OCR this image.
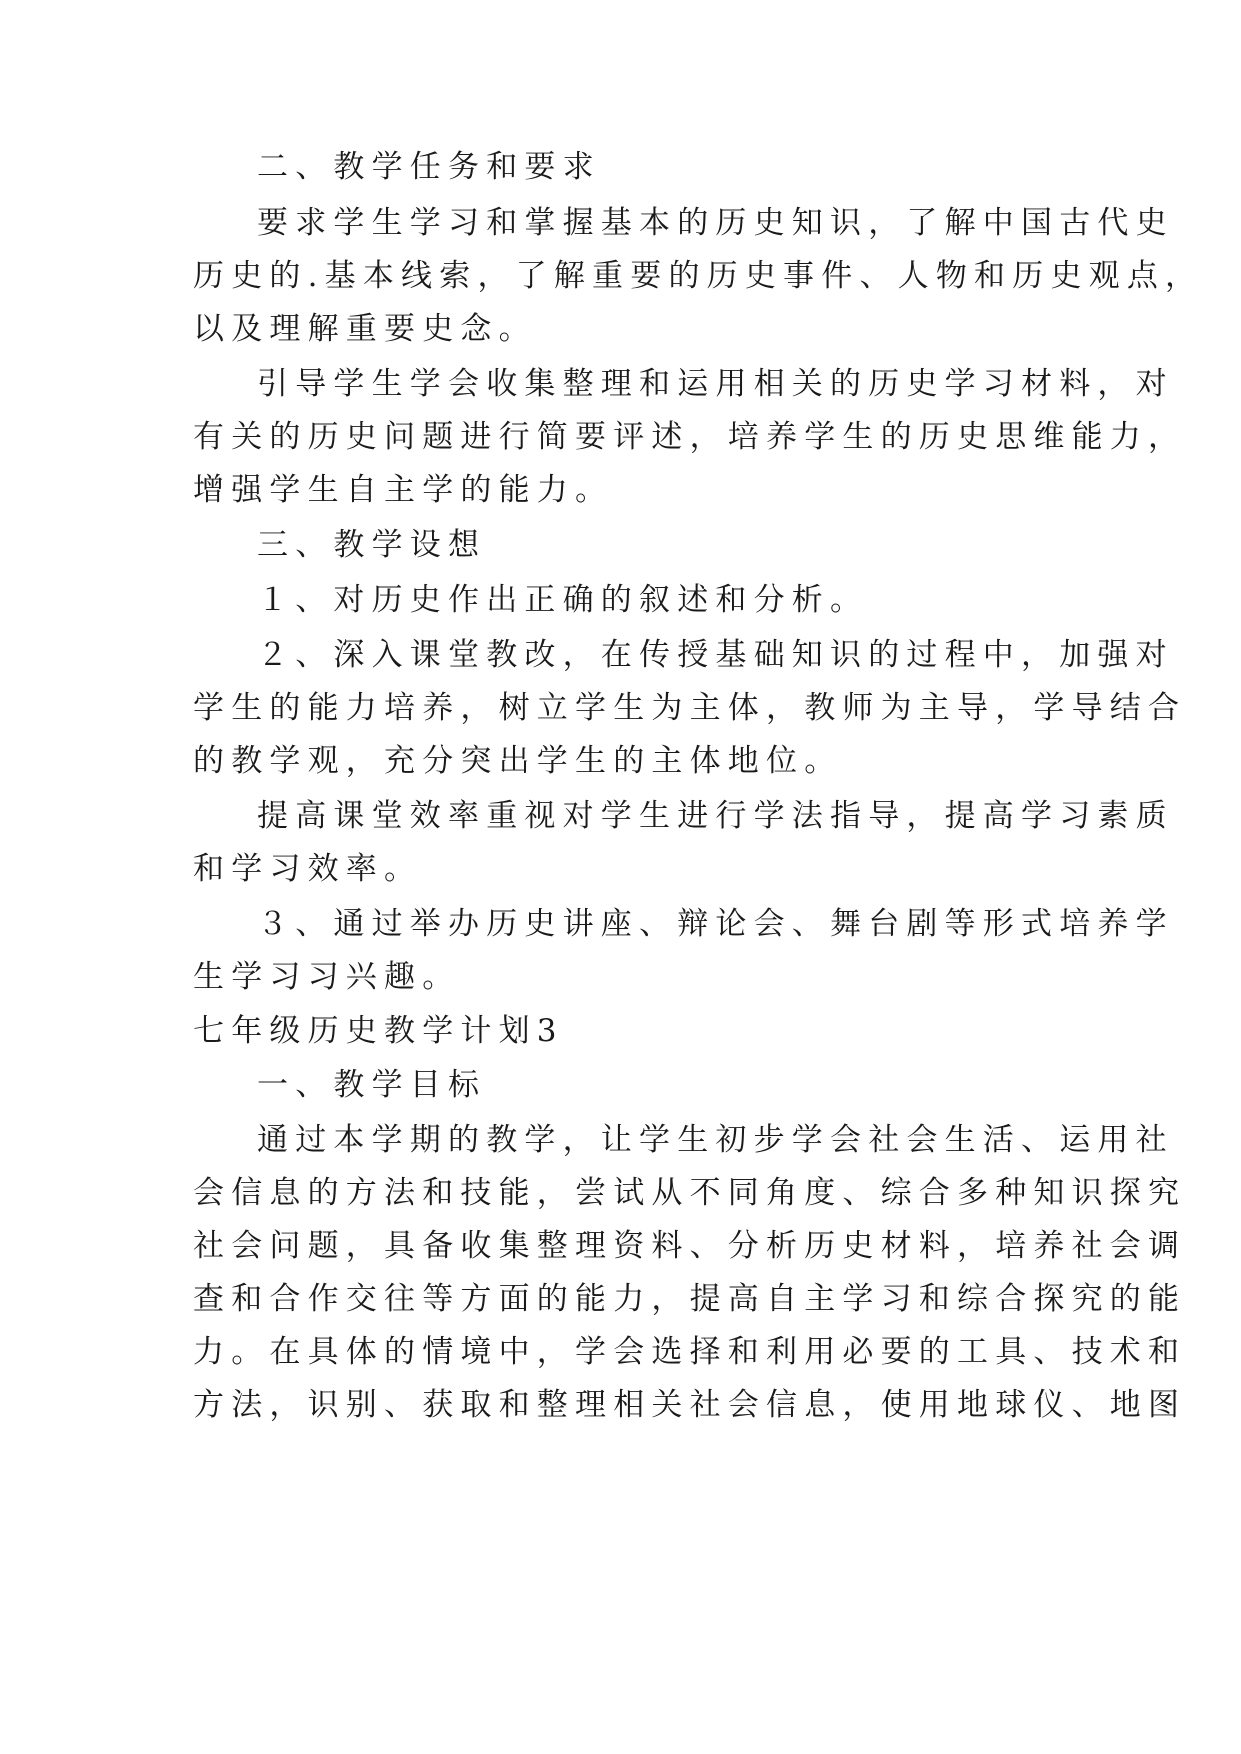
二、教学任务和要求
要求学生学习和掌握基本的历史知识，了解中国古代史
历史的.基本线索，了解重要的历史事件、人物和历史观点，
以及理解重要史念。
引导学生学会收集整理和运用相关的历史学习材料，对
有关的历史问题进行简要评述，培养学生的历史思维能力，
增强学生自主学的能力。
三、教学设想
１、对历史作出正确的叙述和分析。
２、深入课堂教改，在传授基础知识的过程中，加强对
学生的能力培养，树立学生为主体，教师为主导，学导结合
的教学观，充分突出学生的主体地位。
提高课堂效率重视对学生进行学法指导，提高学习素质
和学习效率。
３、通过举办历史讲座、辩论会、舞台剧等形式培养学
生学习习兴趣。
七年级历史教学计划3
一、教学目标
通过本学期的教学，让学生初步学会社会生活、运用社
会信息的方法和技能，尝试从不同角度、综合多种知识探究
社会问题，具备收集整理资料、分析历史材料，培养社会调
查和合作交往等方面的能力，提高自主学习和综合探究的能
力。在具体的情境中，学会选择和利用必要的工具、技术和
方法，识别、获取和整理相关社会信息，使用地球仪、地图
